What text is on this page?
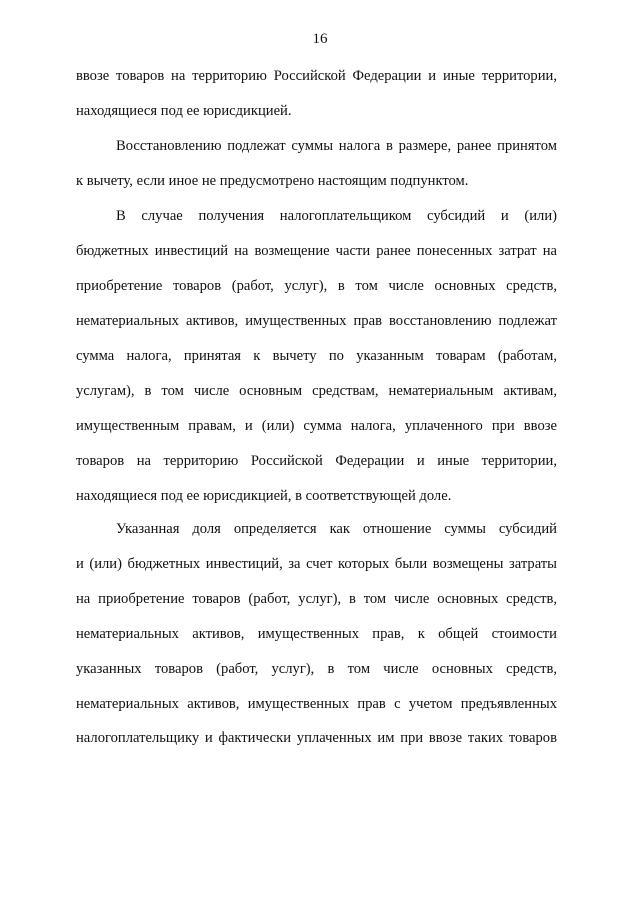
16
ввозе товаров на территорию Российской Федерации и иные территории,
находящиеся под ее юрисдикцией.
Восстановлению подлежат суммы налога в размере, ранее принятом
к вычету, если иное не предусмотрено настоящим подпунктом.
В случае получения налогоплательщиком субсидий и (или)
бюджетных инвестиций на возмещение части ранее понесенных затрат на
приобретение товаров (работ, услуг), в том числе основных средств,
нематериальных активов, имущественных прав восстановлению подлежат
сумма налога, принятая к вычету по указанным товарам (работам,
услугам), в том числе основным средствам, нематериальным активам,
имущественным правам, и (или) сумма налога, уплаченного при ввозе
товаров на территорию Российской Федерации и иные территории,
находящиеся под ее юрисдикцией, в соответствующей доле.
Указанная доля определяется как отношение суммы субсидий
и (или) бюджетных инвестиций, за счет которых были возмещены затраты
на приобретение товаров (работ, услуг), в том числе основных средств,
нематериальных активов, имущественных прав, к общей стоимости
указанных товаров (работ, услуг), в том числе основных средств,
нематериальных активов, имущественных прав с учетом предъявленных
налогоплательщику и фактически уплаченных им при ввозе таких товаров
